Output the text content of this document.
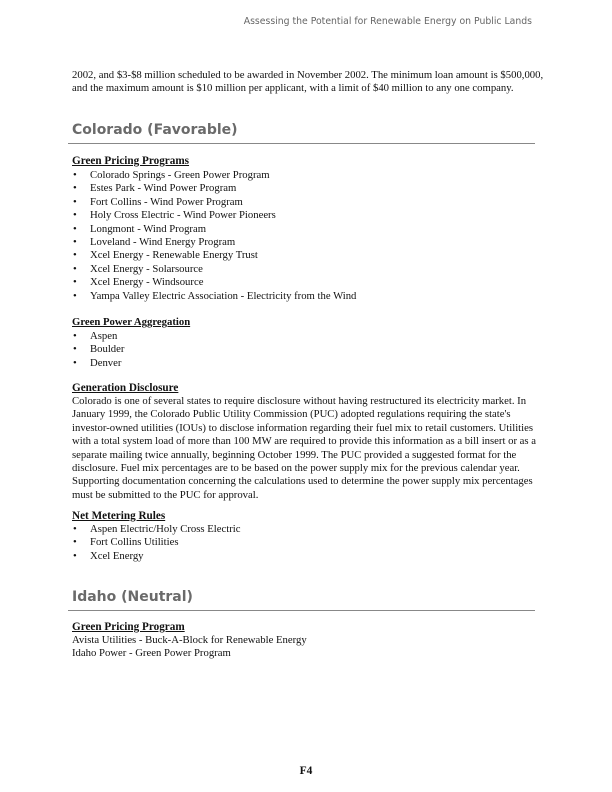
Assessing the Potential for Renewable Energy on Public Lands

2002, and $3-$8 million scheduled to be awarded in November 2002. The minimum loan amount is $500,000, and the maximum amount is $10 million per applicant, with a limit of $40 million to any one company.

Colorado (Favorable)
Green Pricing Programs
• Colorado Springs - Green Power Program
• Estes Park - Wind Power Program
• Fort Collins - Wind Power Program
• Holy Cross Electric - Wind Power Pioneers
• Longmont - Wind Program
• Loveland - Wind Energy Program
• Xcel Energy - Renewable Energy Trust
• Xcel Energy - Solarsource
• Xcel Energy - Windsource
• Yampa Valley Electric Association - Electricity from the Wind
Green Power Aggregation
• Aspen
• Boulder
• Denver
Generation Disclosure

Colorado is one of several states to require disclosure without having restructured its electricity market. In January 1999, the Colorado Public Utility Commission (PUC) adopted regulations requiring the state's investor-owned utilities (IOUs) to disclose information regarding their fuel mix to retail customers. Utilities with a total system load of more than 100 MW are required to provide this information as a bill insert or as a separate mailing twice annually, beginning October 1999. The PUC provided a suggested format for the disclosure. Fuel mix percentages are to be based on the power supply mix for the previous calendar year. Supporting documentation concerning the calculations used to determine the power supply mix percentages must be submitted to the PUC for approval.

Net Metering Rules
• Aspen Electric/Holy Cross Electric
• Fort Collins Utilities
• Xcel Energy
Idaho (Neutral)
Green Pricing Program
Avista Utilities - Buck-A-Block for Renewable Energy
Idaho Power - Green Power Program
F4
